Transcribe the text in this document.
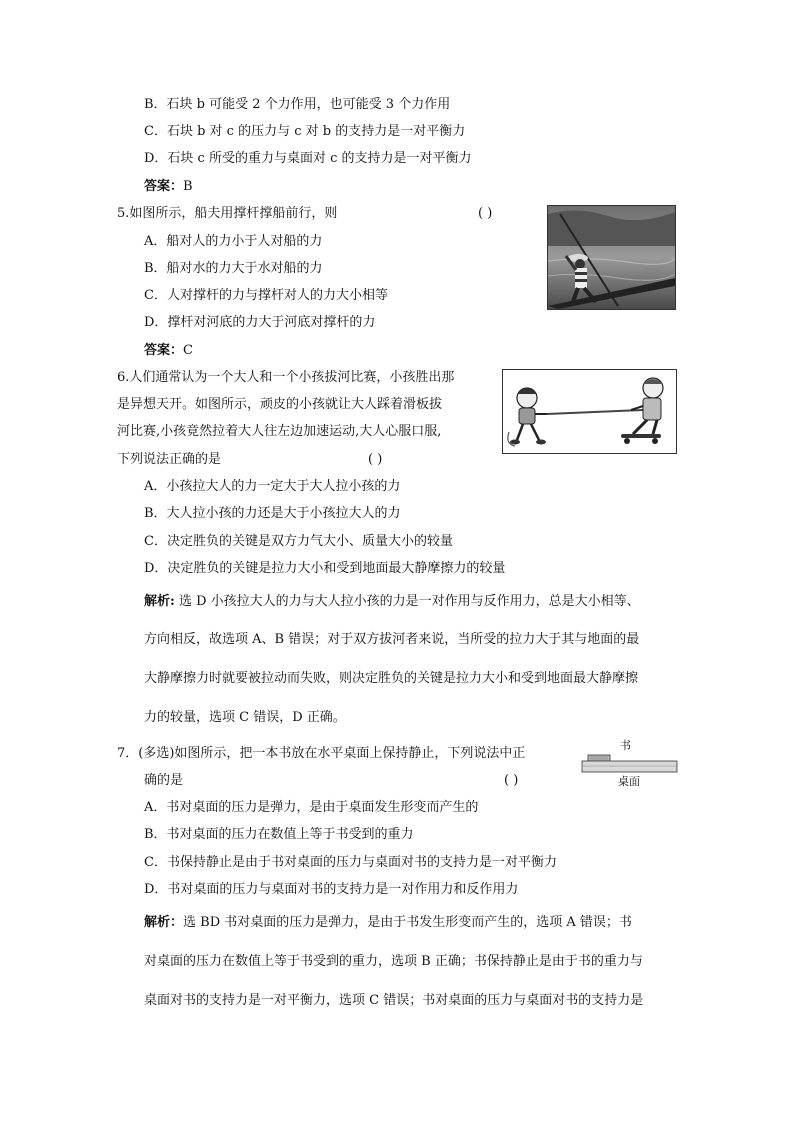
B．石块 b 可能受 2 个力作用，也可能受 3 个力作用
C．石块 b 对 c 的压力与 c 对 b 的支持力是一对平衡力
D．石块 c 所受的重力与桌面对 c 的支持力是一对平衡力
答案：B
5.如图所示，船夫用撑杆撑船前行，则	( )
A．船对人的力小于人对船的力
B．船对水的力大于水对船的力
C．人对撑杆的力与撑杆对人的力大小相等
D．撑杆对河底的力大于河底对撑杆的力
答案：C
6.人们通常认为一个大人和一个小孩拔河比赛，小孩胜出那
是异想天开。如图所示，顽皮的小孩就让大人踩着滑板拔
河比赛,小孩竟然拉着大人往左边加速运动,大人心服口服,
下列说法正确的是	( )
A．小孩拉大人的力一定大于大人拉小孩的力
B．大人拉小孩的力还是大于小孩拉大人的力
C．决定胜负的关键是双方力气大小、质量大小的较量
D．决定胜负的关键是拉力大小和受到地面最大静摩擦力的较量
解析: 选 D 小孩拉大人的力与大人拉小孩的力是一对作用与反作用力，总是大小相等、
方向相反，故选项 A、B 错误；对于双方拔河者来说，当所受的拉力大于其与地面的最
大静摩擦力时就要被拉动而失败，则决定胜负的关键是拉力大小和受到地面最大静摩擦
力的较量，选项 C 错误，D 正确。
7．(多选)如图所示，把一本书放在水平桌面上保持静止，下列说法中正
确的是	( )
A．书对桌面的压力是弹力，是由于桌面发生形变而产生的
B．书对桌面的压力在数值上等于书受到的重力
C．书保持静止是由于书对桌面的压力与桌面对书的支持力是一对平衡力
D．书对桌面的压力与桌面对书的支持力是一对作用力和反作用力
解析：选 BD 书对桌面的压力是弹力，是由于书发生形变而产生的，选项 A 错误；书
对桌面的压力在数值上等于书受到的重力，选项 B 正确；书保持静止是由于书的重力与
桌面对书的支持力是一对平衡力，选项 C 错误；书对桌面的压力与桌面对书的支持力是
书
桌面
